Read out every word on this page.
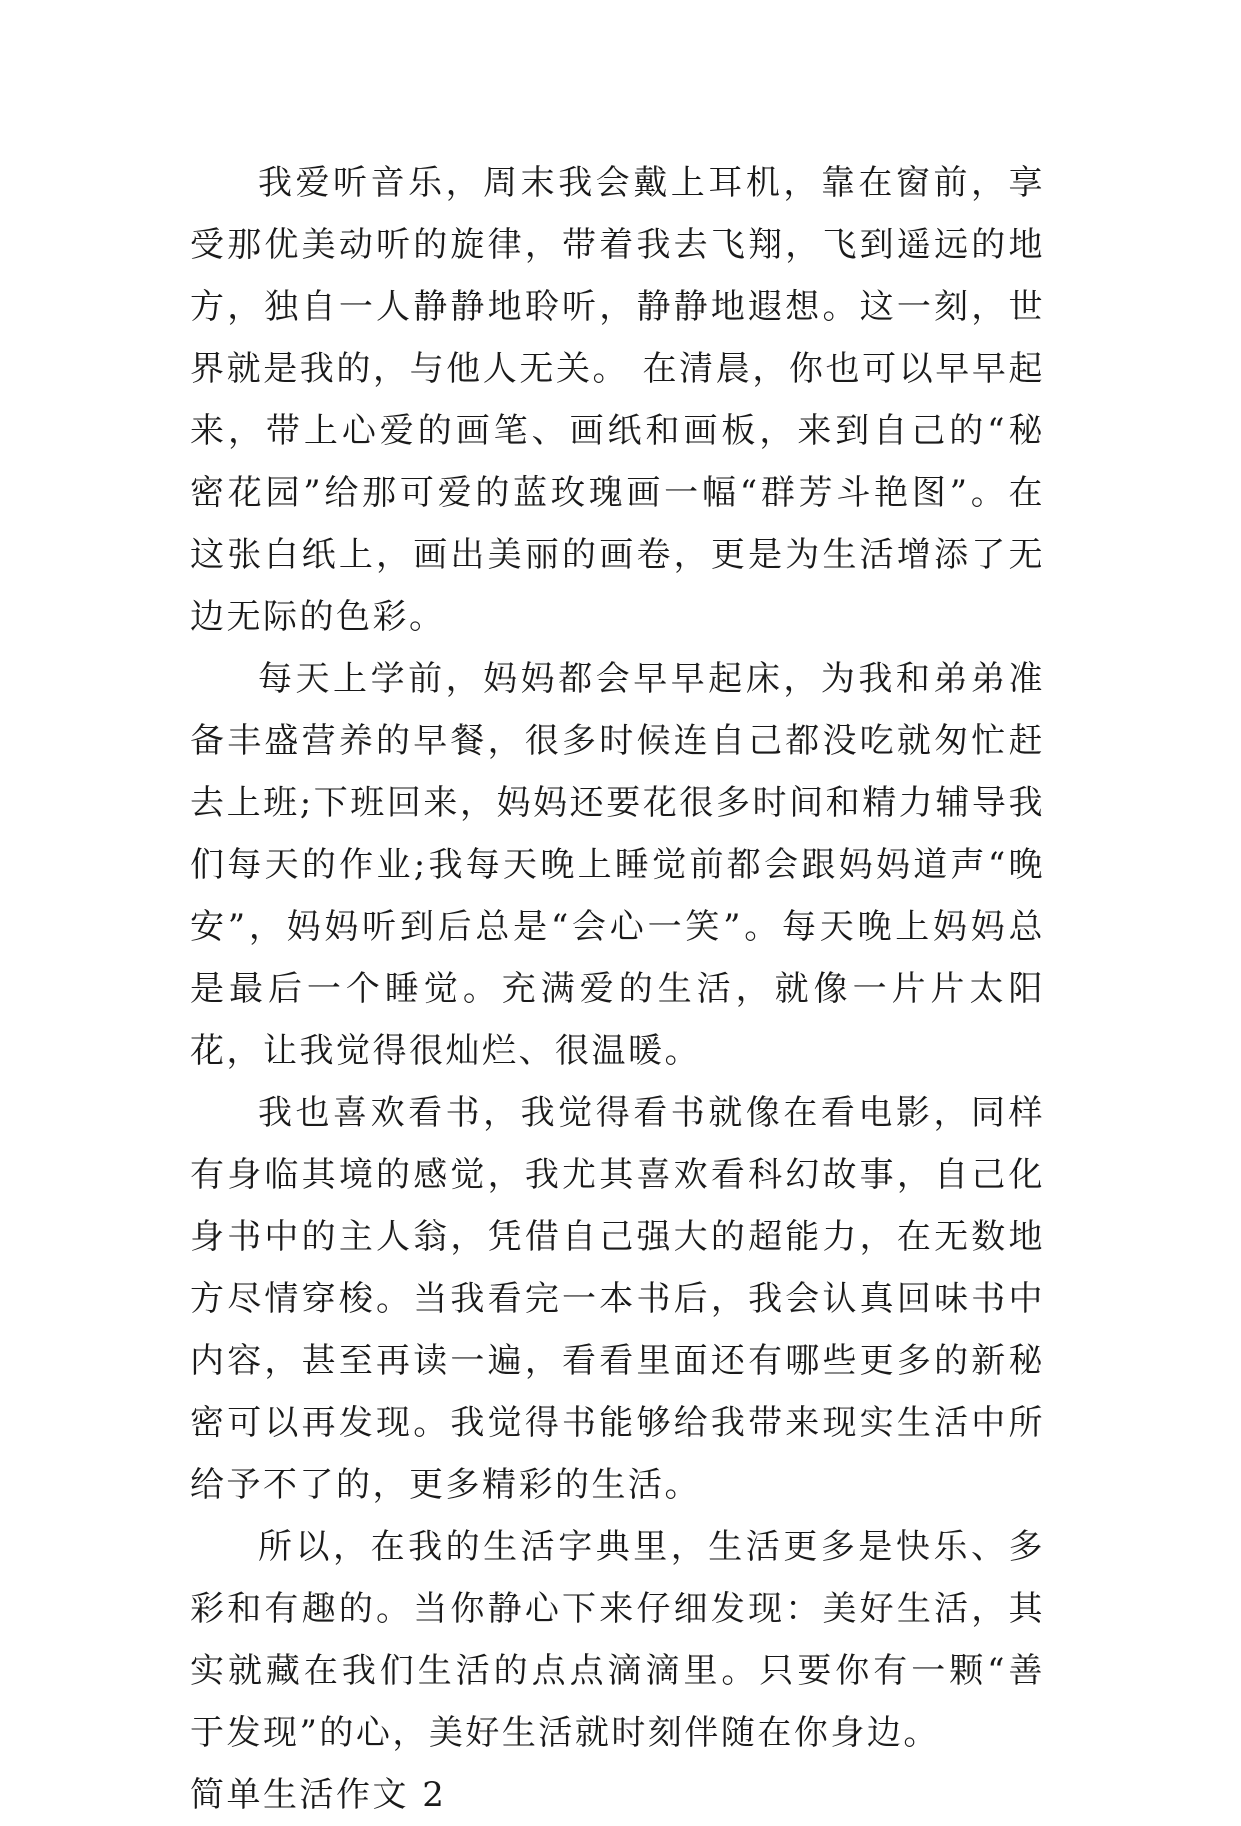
我爱听音乐，周末我会戴上耳机，靠在窗前，享受那优美动听的旋律，带着我去飞翔，飞到遥远的地方，独自一人静静地聆听，静静地遐想。这一刻，世界就是我的，与他人无关。 在清晨，你也可以早早起来，带上心爱的画笔、画纸和画板，来到自己的“秘密花园”给那可爱的蓝玫瑰画一幅“群芳斗艳图”。在这张白纸上，画出美丽的画卷，更是为生活增添了无边无际的色彩。

每天上学前，妈妈都会早早起床，为我和弟弟准备丰盛营养的早餐，很多时候连自己都没吃就匆忙赶去上班;下班回来，妈妈还要花很多时间和精力辅导我们每天的作业;我每天晚上睡觉前都会跟妈妈道声“晚安”，妈妈听到后总是“会心一笑”。每天晚上妈妈总是最后一个睡觉。充满爱的生活，就像一片片太阳花，让我觉得很灿烂、很温暖。

我也喜欢看书，我觉得看书就像在看电影，同样有身临其境的感觉，我尤其喜欢看科幻故事，自己化身书中的主人翁，凭借自己强大的超能力，在无数地方尽情穿梭。当我看完一本书后，我会认真回味书中内容，甚至再读一遍，看看里面还有哪些更多的新秘密可以再发现。我觉得书能够给我带来现实生活中所给予不了的，更多精彩的生活。

所以，在我的生活字典里，生活更多是快乐、多彩和有趣的。当你静心下来仔细发现：美好生活，其实就藏在我们生活的点点滴滴里。只要你有一颗“善于发现”的心，美好生活就时刻伴随在你身边。

简单生活作文 2
